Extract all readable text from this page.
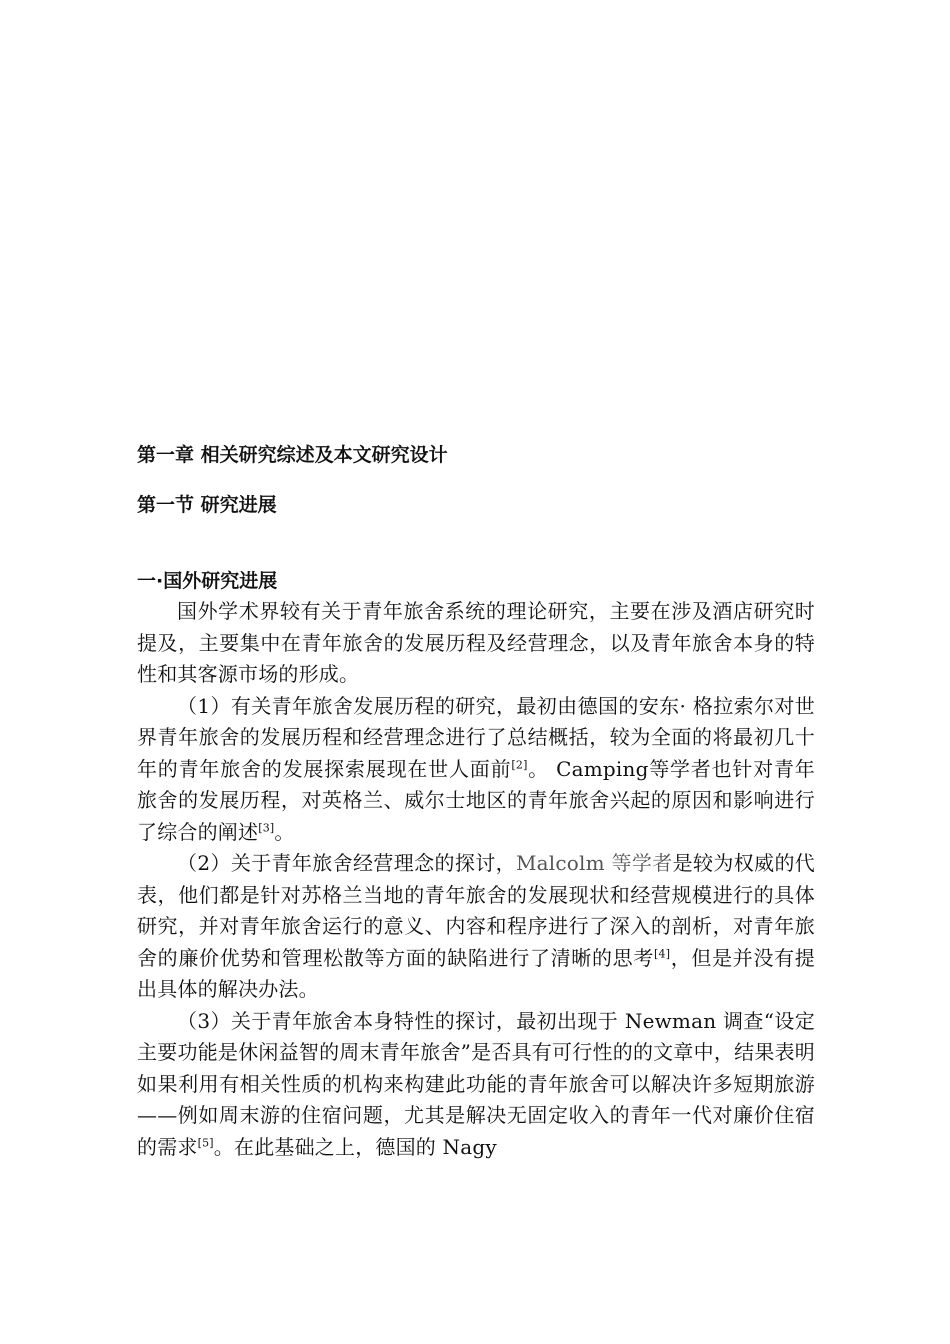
第一章 相关研究综述及本文研究设计
第一节 研究进展
一·国外研究进展

国外学术界较有关于青年旅舍系统的理论研究，主要在涉及酒店研究时提及，主要集中在青年旅舍的发展历程及经营理念，以及青年旅舍本身的特性和其客源市场的形成。

（1）有关青年旅舍发展历程的研究，最初由德国的安东· 格拉索尔对世界青年旅舍的发展历程和经营理念进行了总结概括，较为全面的将最初几十年的青年旅舍的发展探索展现在世人面前[2]。 Camping等学者也针对青年旅舍的发展历程，对英格兰、威尔士地区的青年旅舍兴起的原因和影响进行了综合的阐述[3]。

（2）关于青年旅舍经营理念的探讨，Malcolm 等学者是较为权威的代表，他们都是针对苏格兰当地的青年旅舍的发展现状和经营规模进行的具体研究，并对青年旅舍运行的意义、内容和程序进行了深入的剖析，对青年旅舍的廉价优势和管理松散等方面的缺陷进行了清晰的思考[4]，但是并没有提出具体的解决办法。

（3）关于青年旅舍本身特性的探讨，最初出现于 Newman 调查“设定主要功能是休闲益智的周末青年旅舍”是否具有可行性的的文章中，结果表明如果利用有相关性质的机构来构建此功能的青年旅舍可以解决许多短期旅游——例如周末游的住宿问题，尤其是解决无固定收入的青年一代对廉价住宿的需求[5]。在此基础之上，德国的 Nagy
